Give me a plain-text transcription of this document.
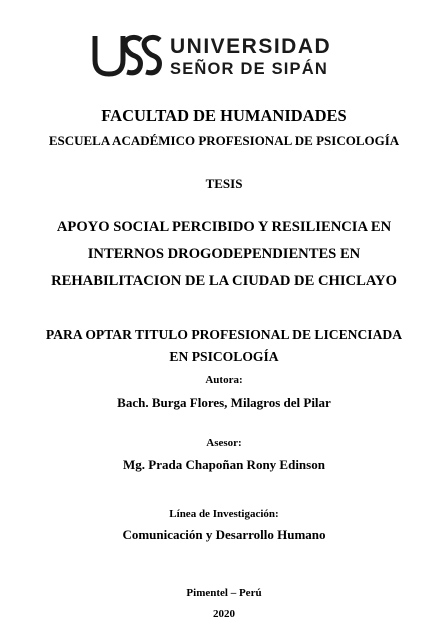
UNIVERSIDAD
SEÑOR DE SIPÁN
FACULTAD DE HUMANIDADES
ESCUELA ACADÉMICO PROFESIONAL DE PSICOLOGÍA
TESIS
APOYO SOCIAL PERCIBIDO Y RESILIENCIA EN
INTERNOS DROGODEPENDIENTES EN
REHABILITACION DE LA CIUDAD DE CHICLAYO
PARA OPTAR TITULO PROFESIONAL DE LICENCIADA
EN PSICOLOGÍA
Autora:
Bach. Burga Flores, Milagros del Pilar
Asesor:
Mg. Prada Chapoñan Rony Edinson
Línea de Investigación:
Comunicación y Desarrollo Humano
Pimentel – Perú
2020
